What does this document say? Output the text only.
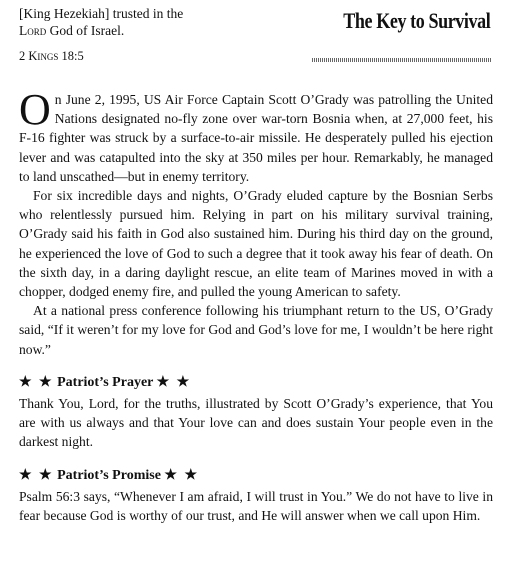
[King Hezekiah] trusted in the
Lord God of Israel.
2 Kings 18:5
The Key to Survival

On June 2, 1995, US Air Force Captain Scott O’Grady was patrolling the United Nations designated no-fly zone over war-torn Bosnia when, at 27,000 feet, his F-16 fighter was struck by a surface-to-air missile. He desperately pulled his ejection lever and was catapulted into the sky at 350 miles per hour. Remarkably, he managed to land unscathed—but in enemy territory.

For six incredible days and nights, O’Grady eluded capture by the Bosnian Serbs who relentlessly pursued him. Relying in part on his military survival training, O’Grady said his faith in God also sustained him. During his third day on the ground, he experienced the love of God to such a degree that it took away his fear of death. On the sixth day, in a daring daylight rescue, an elite team of Marines moved in with a chopper, dodged enemy fire, and pulled the young American to safety.

At a national press conference following his triumphant return to the US, O’Grady said, “If it weren’t for my love for God and God’s love for me, I wouldn’t be here right now.”

★ ★ Patriot’s Prayer ★ ★

Thank You, Lord, for the truths, illustrated by Scott O’Grady’s experience, that You are with us always and that Your love can and does sustain Your people even in the darkest night.

★ ★ Patriot’s Promise ★ ★

Psalm 56:3 says, “Whenever I am afraid, I will trust in You.” We do not have to live in fear because God is worthy of our trust, and He will answer when we call upon Him.
